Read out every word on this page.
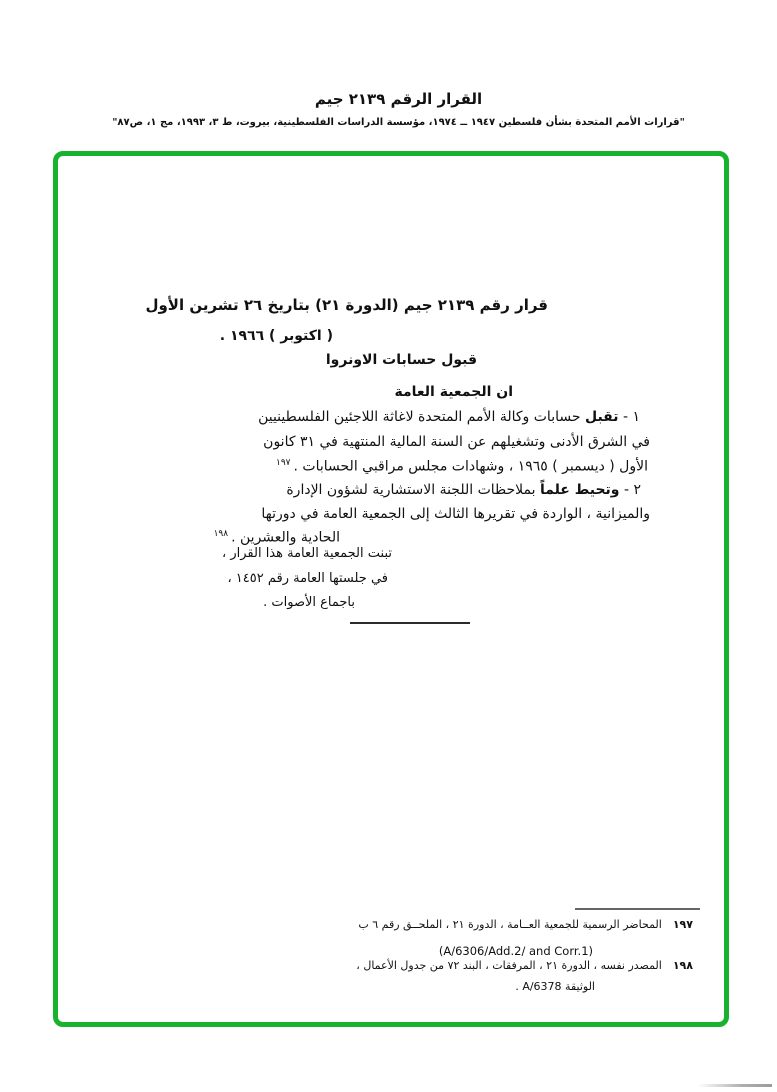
القرار الرقم ٢١٣٩ جيم
"قرارات الأمم المتحدة بشأن فلسطين ١٩٤٧ ــ ١٩٧٤، مؤسسة الدراسات الفلسطينية، بيروت، ط ٣، ١٩٩٣، مج ١، ص٨٧"
قرار رقم ٢١٣٩ جيم (الدورة ٢١) بتاريخ ٢٦ تشرين الأول
( اكتوبر ) ١٩٦٦ .
قبول حسابات الاونروا
ان الجمعية العامة
١ - تقبل حسابات وكالة الأمم المتحدة لاغاثة اللاجئين الفلسطينيين
في الشرق الأدنى وتشغيلهم عن السنة المالية المنتهية في ٣١ كانون
الأول ( ديسمبر ) ١٩٦٥ ، وشهادات مجلس مراقبي الحسابات .$^{١٩٧}$
٢ - وتحيط علماً بملاحظات اللجنة الاستشارية لشؤون الإدارة
والميزانية ، الواردة في تقريرها الثالث إلى الجمعية العامة في دورتها
الحادية والعشرين .$^{١٩٨}$
تبنت الجمعية العامة هذا القرار ،
في جلستها العامة رقم ١٤٥٢ ،
باجماع الأصوات .
١٩٧المحاضر الرسمية للجمعية العــامة ، الدورة ٢١ ، الملحــق رقم ٦ ب
(A/6306/Add.2/ and Corr.1)
١٩٨المصدر نفسه ، الدورة ٢١ ، المرفقات ، البند ٧٢ من جدول الأعمال ،
الوثيقة A/6378 .
